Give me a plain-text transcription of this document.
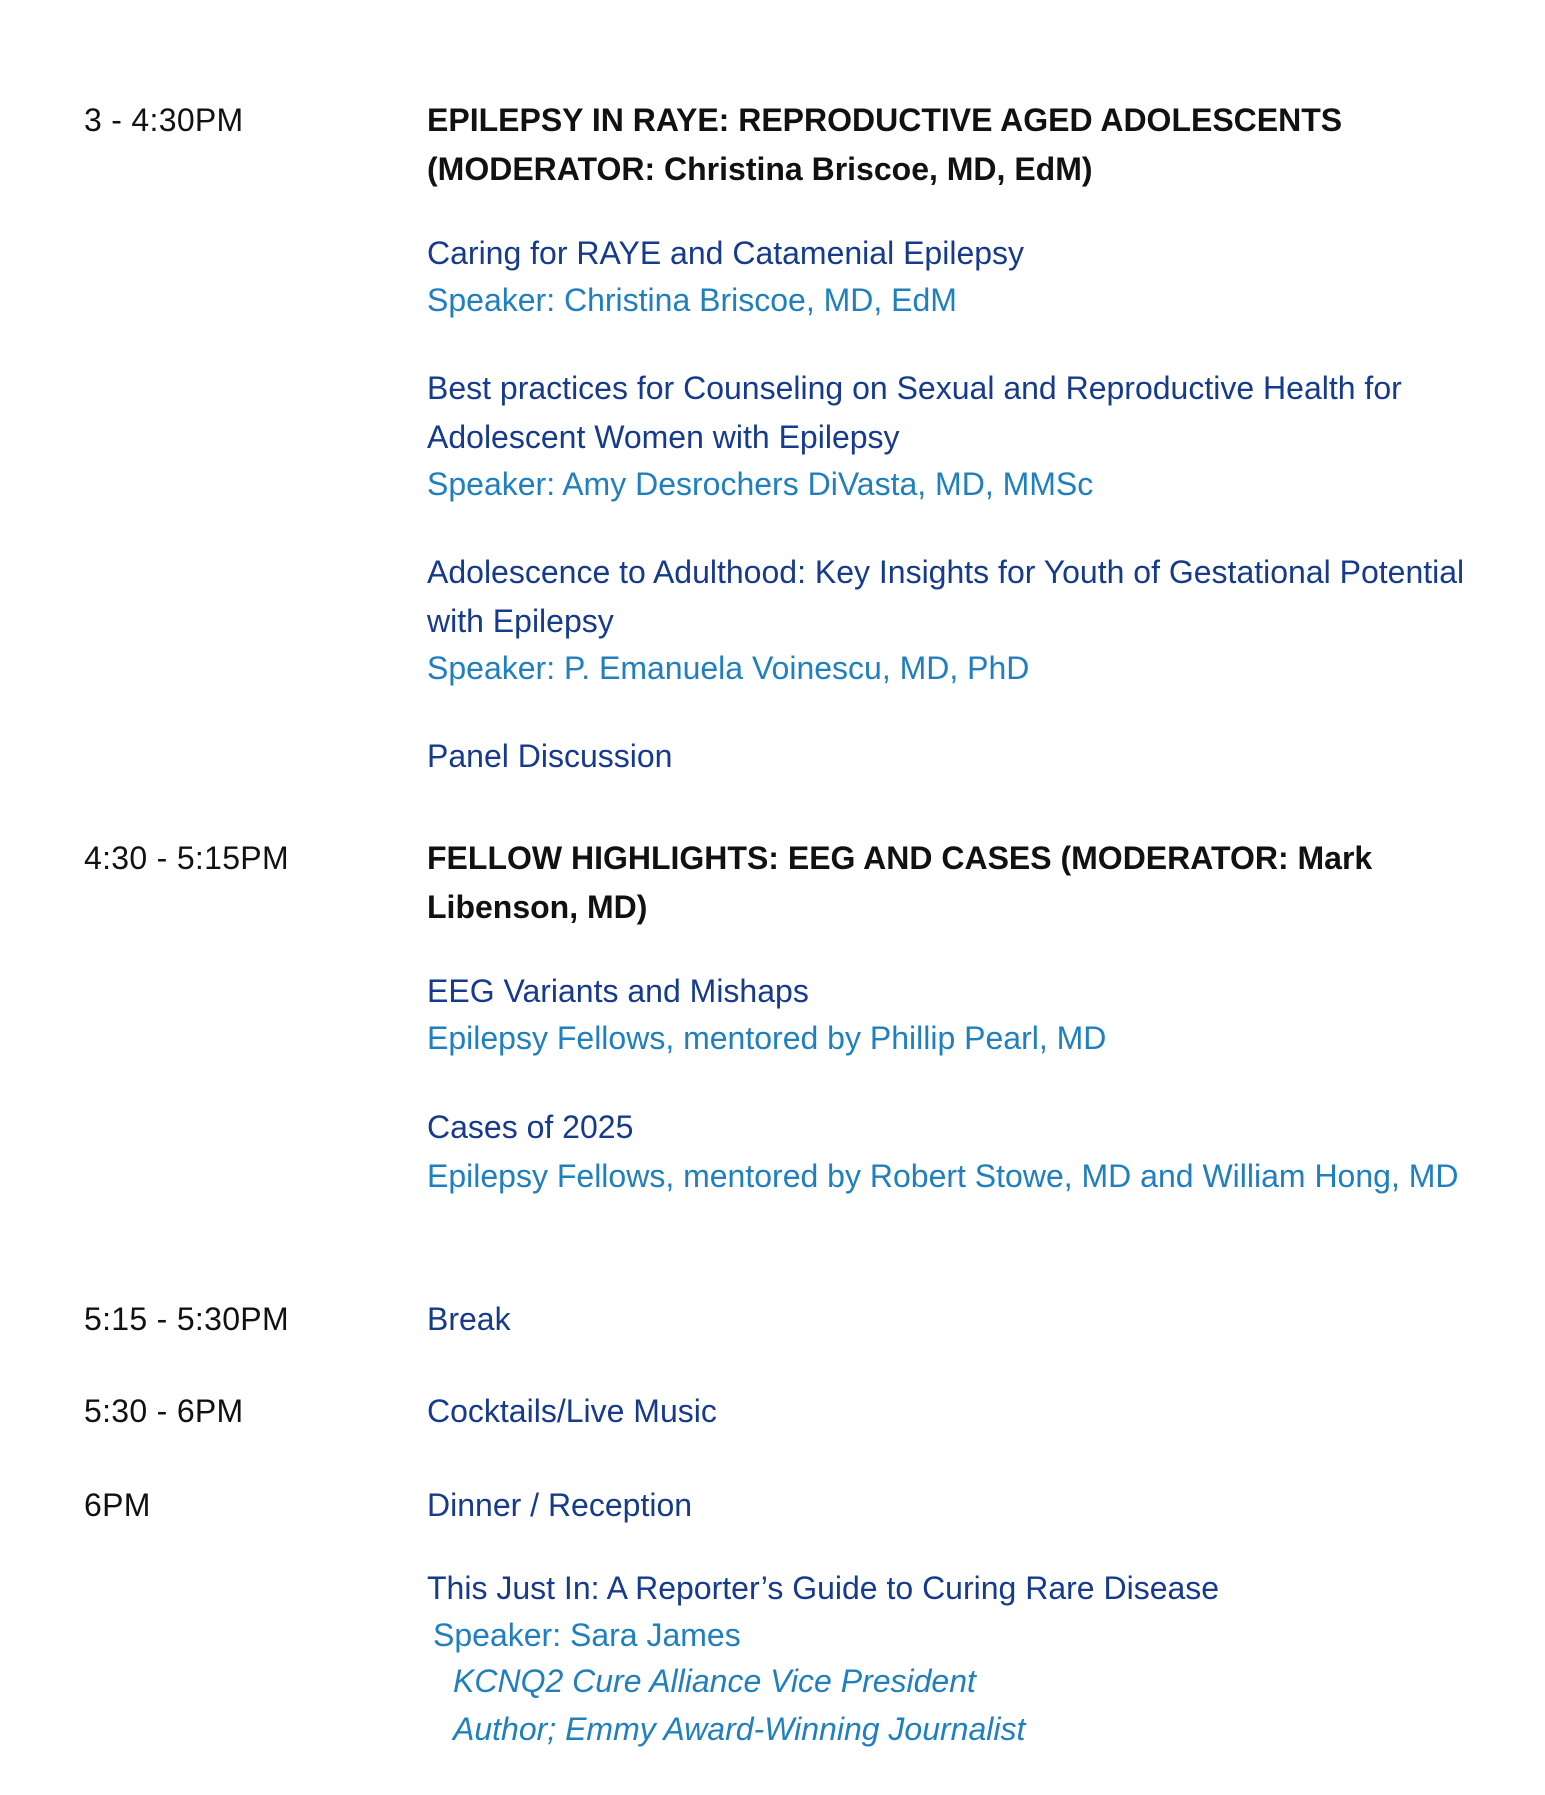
3 - 4:30PM	EPILEPSY IN RAYE: REPRODUCTIVE AGED ADOLESCENTS (MODERATOR: Christina Briscoe, MD, EdM)

Caring for RAYE and Catamenial Epilepsy

Speaker: Christina Briscoe, MD, EdM

Best practices for Counseling on Sexual and Reproductive Health for Adolescent Women with Epilepsy

Speaker: Amy Desrochers DiVasta, MD, MMSc

Adolescence to Adulthood: Key Insights for Youth of Gestational Potential with Epilepsy

Speaker: P. Emanuela Voinescu, MD, PhD

Panel Discussion

4:30 - 5:15PM	FELLOW HIGHLIGHTS: EEG AND CASES (MODERATOR: Mark Libenson, MD)

EEG Variants and Mishaps

Epilepsy Fellows, mentored by Phillip Pearl, MD

Cases of 2025

Epilepsy Fellows, mentored by Robert Stowe, MD and William Hong, MD

5:15 - 5:30PM	Break

5:30 - 6PM	Cocktails/Live Music

6PM	Dinner / Reception

This Just In: A Reporter’s Guide to Curing Rare Disease

Speaker: Sara James

KCNQ2 Cure Alliance Vice President

Author; Emmy Award-Winning Journalist
